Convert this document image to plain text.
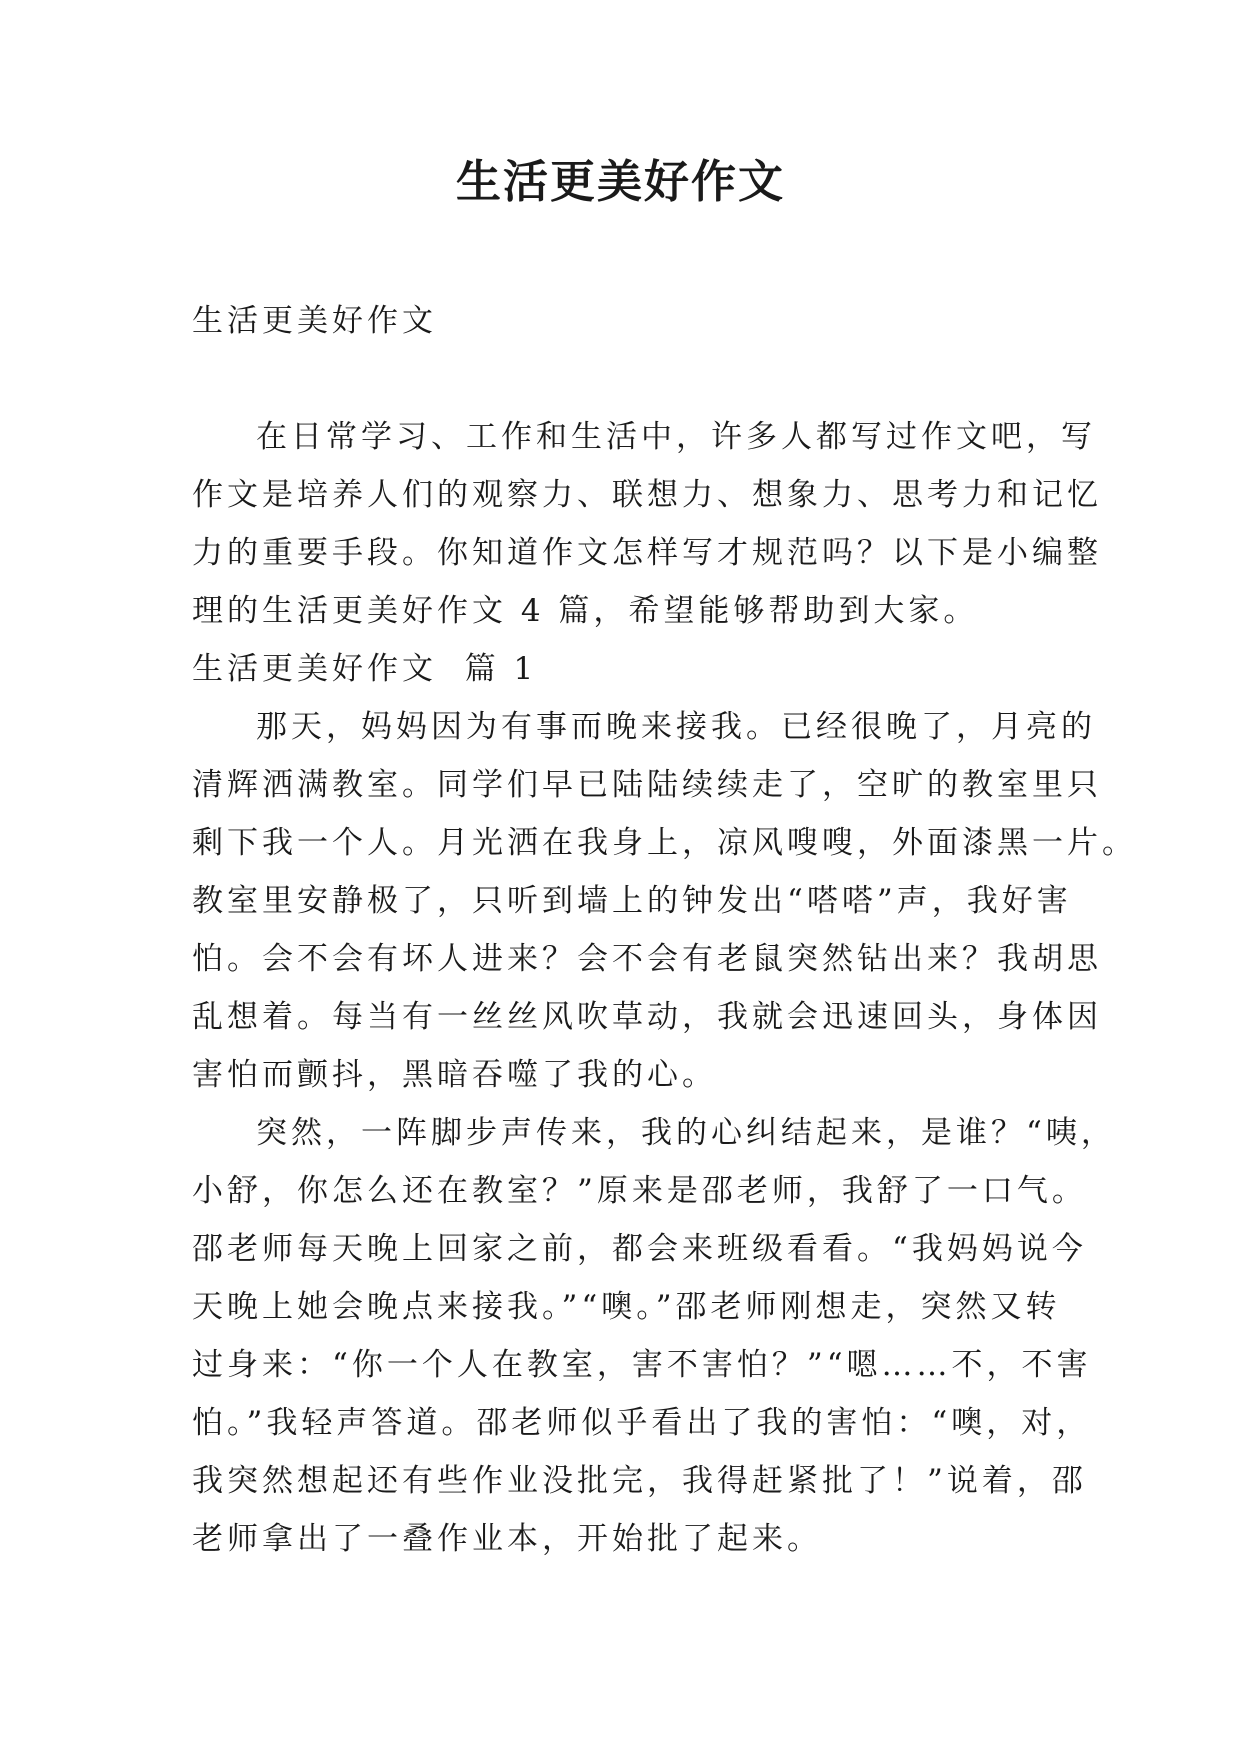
生活更美好作文

生活更美好作文

在日常学习、工作和生活中，许多人都写过作文吧，写

作文是培养人们的观察力、联想力、想象力、思考力和记忆

力的重要手段。你知道作文怎样写才规范吗？以下是小编整

理的生活更美好作文 4 篇，希望能够帮助到大家。

生活更美好作文  篇 1

那天，妈妈因为有事而晚来接我。已经很晚了，月亮的

清辉洒满教室。同学们早已陆陆续续走了，空旷的教室里只

剩下我一个人。月光洒在我身上，凉风嗖嗖，外面漆黑一片。

教室里安静极了，只听到墙上的钟发出“嗒嗒”声，我好害

怕。会不会有坏人进来？会不会有老鼠突然钻出来？我胡思

乱想着。每当有一丝丝风吹草动，我就会迅速回头，身体因

害怕而颤抖，黑暗吞噬了我的心。

突然，一阵脚步声传来，我的心纠结起来，是谁？“咦，

小舒，你怎么还在教室？”原来是邵老师，我舒了一口气。

邵老师每天晚上回家之前，都会来班级看看。“我妈妈说今

天晚上她会晚点来接我。”“噢。”邵老师刚想走，突然又转

过身来：“你一个人在教室，害不害怕？”“嗯……不，不害

怕。”我轻声答道。邵老师似乎看出了我的害怕：“噢，对，

我突然想起还有些作业没批完，我得赶紧批了！”说着，邵

老师拿出了一叠作业本，开始批了起来。
